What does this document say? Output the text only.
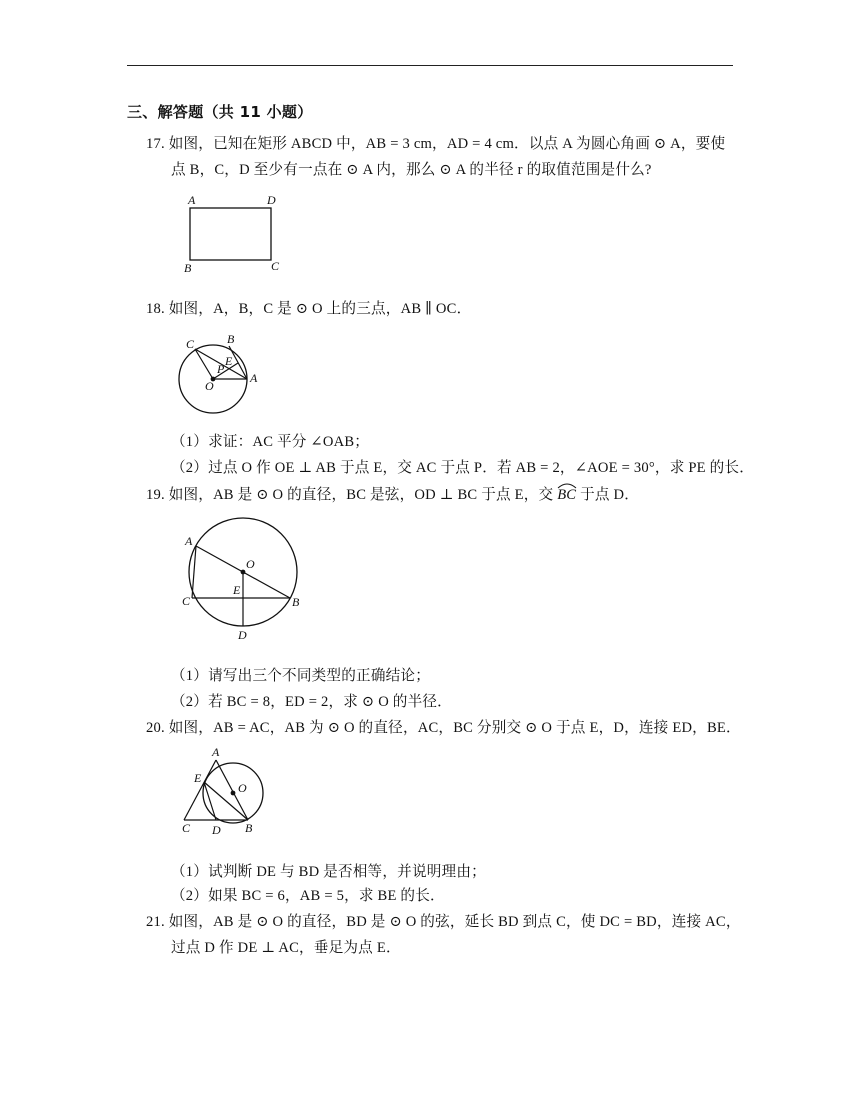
三、解答题（共 11 小题）
17. 如图，已知在矩形 ABCD 中，AB = 3 cm，AD = 4 cm．以点 A 为圆心角画 ⊙ A，要使
点 B，C，D 至少有一点在 ⊙ A 内，那么 ⊙ A 的半径 r 的取值范围是什么?
A	D
B	C
18. 如图，A，B，C 是 ⊙ O 上的三点，AB ∥ OC．
C	B
E
P
O
A
（1）求证：AC 平分 ∠OAB；
（2）过点 O 作 OE ⊥ AB 于点 E，交 AC 于点 P．若 AB = 2，∠AOE = 30°，求 PE 的长．
19. 如图，AB 是 ⊙ O 的直径，BC 是弦，OD ⊥ BC 于点 E，交
BC 于点 D．
A
O
E
C	B
D
（1）请写出三个不同类型的正确结论；
（2）若 BC = 8，ED = 2，求 ⊙ O 的半径．
20. 如图，AB = AC，AB 为 ⊙ O 的直径，AC，BC 分别交 ⊙ O 于点 E，D，连接 ED，BE．
A
E
O
C D B
（1）试判断 DE 与 BD 是否相等，并说明理由；
（2）如果 BC = 6，AB = 5，求 BE 的长．
21. 如图，AB 是 ⊙ O 的直径，BD 是 ⊙ O 的弦，延长 BD 到点 C，使 DC = BD，连接 AC，
过点 D 作 DE ⊥ AC，垂足为点 E．
